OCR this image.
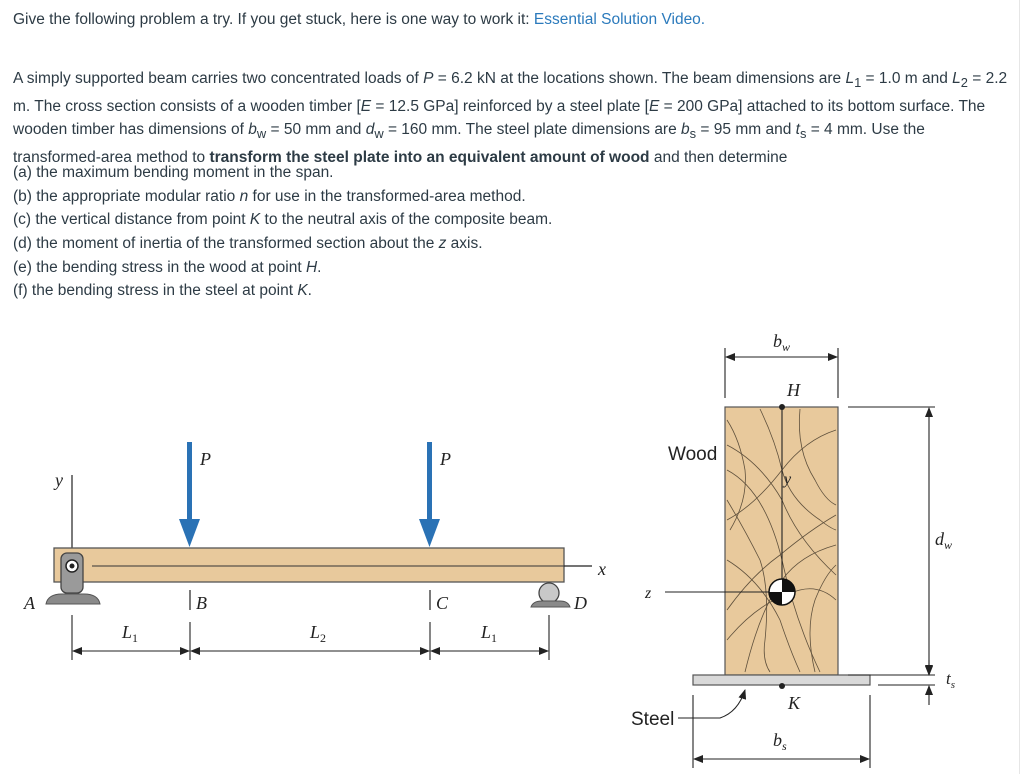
Give the following problem a try. If you get stuck, here is one way to work it: Essential Solution Video.

A simply supported beam carries two concentrated loads of P = 6.2 kN at the locations shown. The beam dimensions are $L_1 = 1.0$ m and $L_2 = 2.2$ m. The cross section consists of a wooden timber [E = 12.5 GPa] reinforced by a steel plate [E = 200 GPa] attached to its bottom surface. The wooden timber has dimensions of $b_w = 50$ mm and $d_w = 160$ mm. The steel plate dimensions are $b_s = 95$ mm and $t_s = 4$ mm. Use the transformed-area method to transform the steel plate into an equivalent amount of wood and then determine

(a) the maximum bending moment in the span.
(b) the appropriate modular ratio n for use in the transformed-area method.
(c) the vertical distance from point K to the neutral axis of the composite beam.
(d) the moment of inertia of the transformed section about the z axis.
(e) the bending stress in the wood at point H.
(f) the bending stress in the steel at point K.
y
x
A	D
P	P
B	C
$L_1$	$L_2$	$L_1$
$b_w$
H
y
z
K
Wood
Steel
$d_w$
$t_s$
$b_s$
